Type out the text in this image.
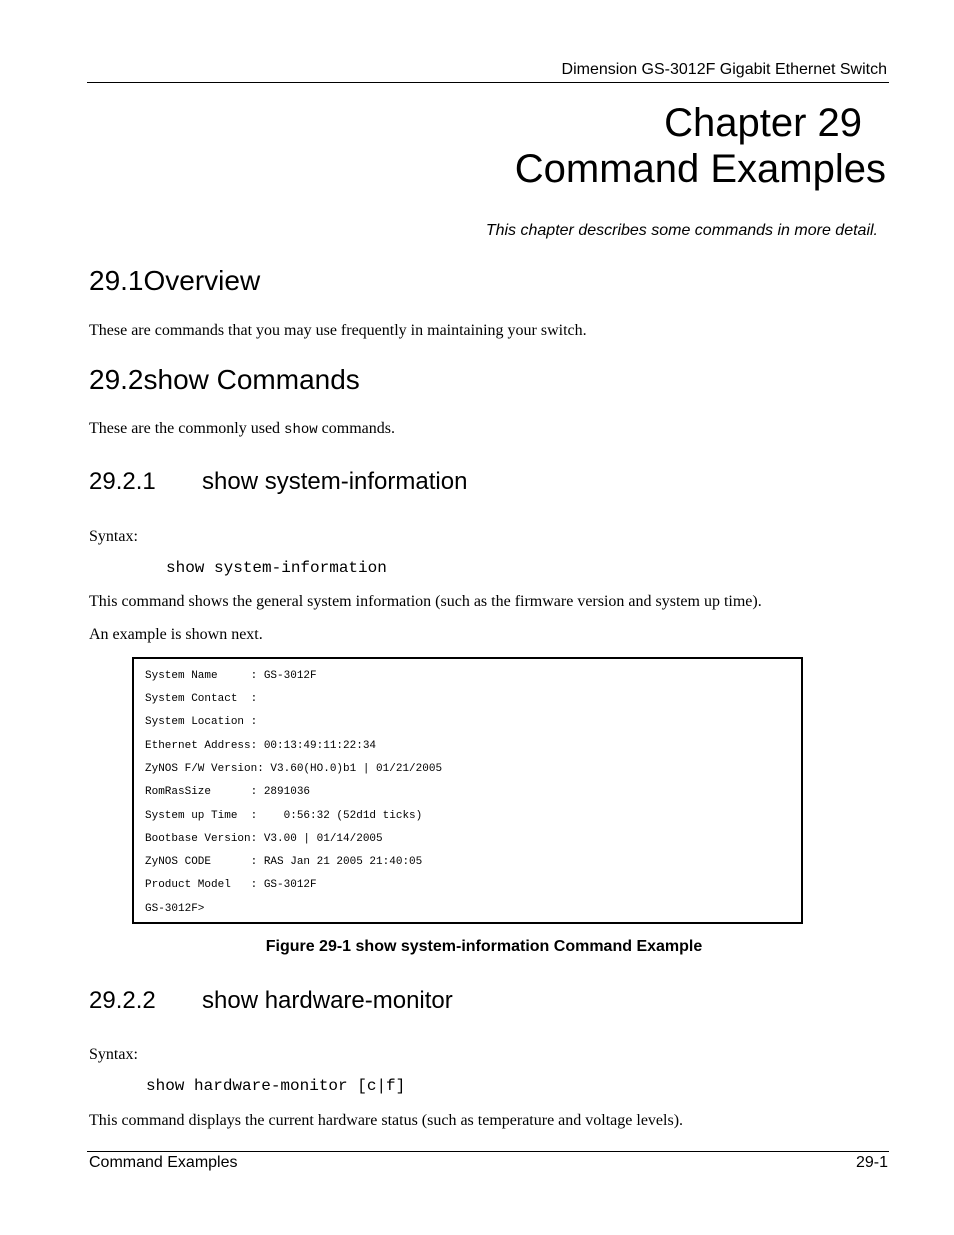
Dimension GS-3012F Gigabit Ethernet Switch
Chapter 29
Command Examples
This chapter describes some commands in more detail.
29.1Overview
These are commands that you may use frequently in maintaining your switch.
29.2show Commands
These are the commonly used show commands.
29.2.1 show system-information
Syntax:
show system-information
This command shows the general system information (such as the firmware version and system up time).
An example is shown next.
System Name     : GS-3012F
System Contact  :
System Location :
Ethernet Address: 00:13:49:11:22:34
ZyNOS F/W Version: V3.60(HO.0)b1 | 01/21/2005
RomRasSize      : 2891036
System up Time  :    0:56:32 (52d1d ticks)
Bootbase Version: V3.00 | 01/14/2005
ZyNOS CODE      : RAS Jan 21 2005 21:40:05
Product Model   : GS-3012F
GS-3012F>
Figure 29-1 show system-information Command Example
29.2.2 show hardware-monitor
Syntax:
show hardware-monitor [c|f]
This command displays the current hardware status (such as temperature and voltage levels).
Command Examples	29-1
